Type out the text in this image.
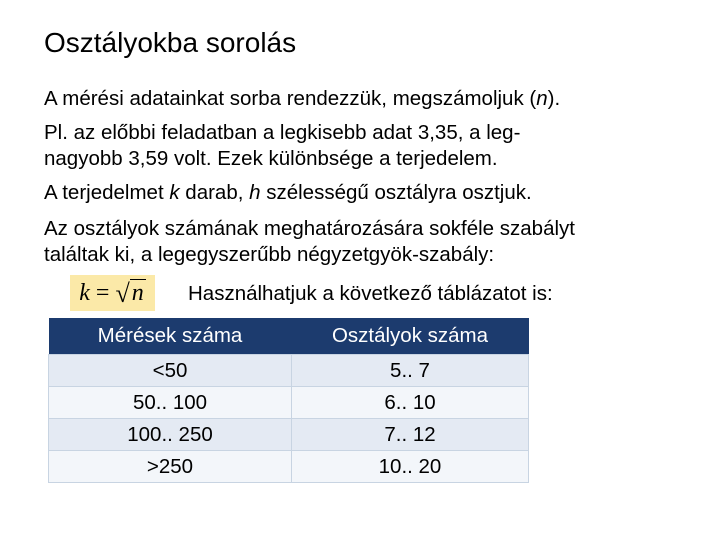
Osztályokba sorolás
A mérési adatainkat sorba rendezzük, megszámoljuk (n).
Pl. az előbbi feladatban a legkisebb adat 3,35, a leg-
nagyobb 3,59 volt. Ezek különbsége a terjedelem.
A terjedelmet k darab, h szélességű osztályra osztjuk.
Az osztályok számának meghatározására sokféle szabályt
találtak ki, a legegyszerűbb négyzetgyök-szabály:
k = √ n Használhatjuk a következő táblázatot is:
Mérések száma	Osztályok száma
<50	5.. 7
50.. 100	6.. 10
100.. 250	7.. 12
>250	10.. 20
